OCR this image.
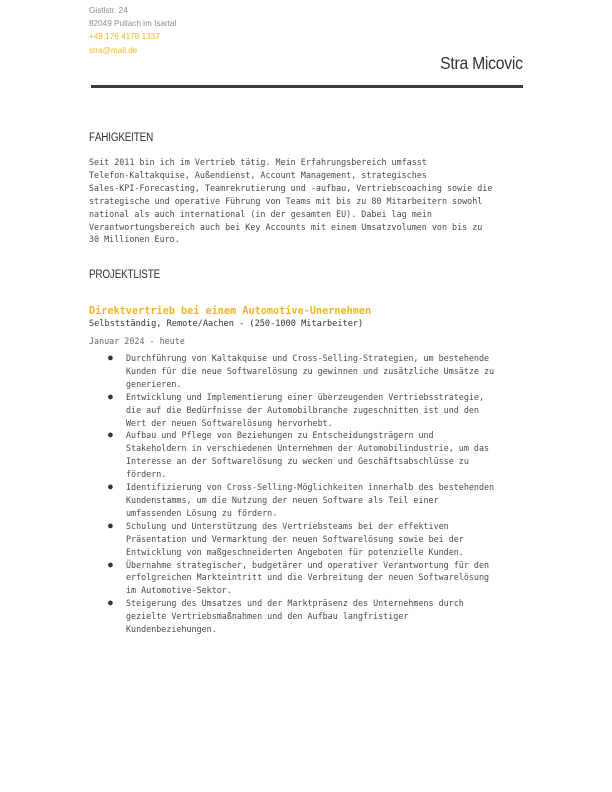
Gistlstr. 24
82049 Pullach im Isartal
+49 176 4178 1337
stra@mail.de
Stra Micovic
FÄHIGKEITEN
Seit 2011 bin ich im Vertrieb tätig. Mein Erfahrungsbereich umfasst
Telefon-Kaltakquise, Außendienst, Account Management, strategisches
Sales-KPI-Forecasting, Teamrekrutierung und -aufbau, Vertriebscoaching sowie die
strategische und operative Führung von Teams mit bis zu 80 Mitarbeitern sowohl
national als auch international (in der gesamten EU). Dabei lag mein
Verantwortungsbereich auch bei Key Accounts mit einem Umsatzvolumen von bis zu
30 Millionen Euro.
PROJEKTLISTE
Direktvertrieb bei einem Automotive-Unernehmen
Selbstständig, Remote/Aachen - (250-1000 Mitarbeiter)
Januar 2024 - heute
● Durchführung von Kaltakquise und Cross-Selling-Strategien, um bestehende
Kunden für die neue Softwarelösung zu gewinnen und zusätzliche Umsätze zu
generieren.
● Entwicklung und Implementierung einer überzeugenden Vertriebsstrategie,
die auf die Bedürfnisse der Automobilbranche zugeschnitten ist und den
Wert der neuen Softwarelösung hervorhebt.
● Aufbau und Pflege von Beziehungen zu Entscheidungsträgern und
Stakeholdern in verschiedenen Unternehmen der Automobilindustrie, um das
Interesse an der Softwarelösung zu wecken und Geschäftsabschlüsse zu
fördern.
● Identifizierung von Cross-Selling-Möglichkeiten innerhalb des bestehenden
Kundenstamms, um die Nutzung der neuen Software als Teil einer
umfassenden Lösung zu fördern.
● Schulung und Unterstützung des Vertriebsteams bei der effektiven
Präsentation und Vermarktung der neuen Softwarelösung sowie bei der
Entwicklung von maßgeschneiderten Angeboten für potenzielle Kunden.
● Übernahme strategischer, budgetärer und operativer Verantwortung für den
erfolgreichen Markteintritt und die Verbreitung der neuen Softwarelösung
im Automotive-Sektor.
● Steigerung des Umsatzes und der Marktpräsenz des Unternehmens durch
gezielte Vertriebsmaßnahmen und den Aufbau langfristiger
Kundenbeziehungen.
